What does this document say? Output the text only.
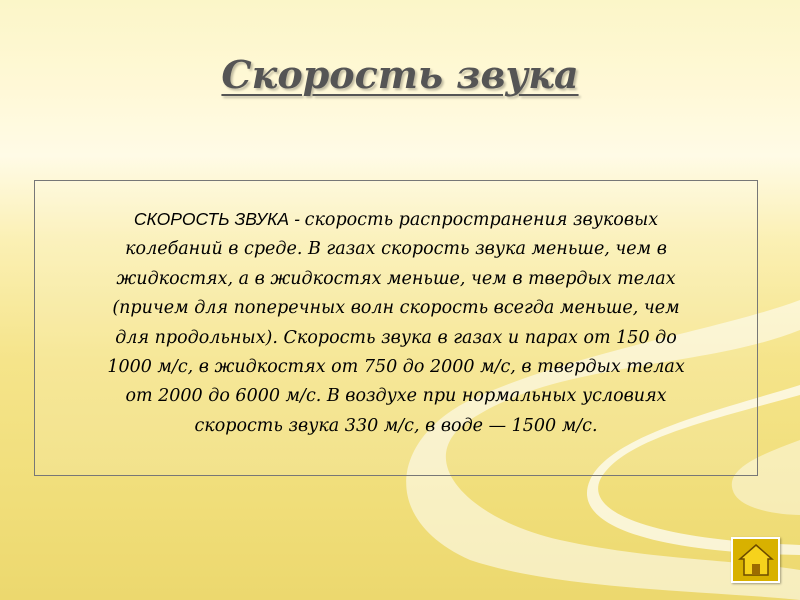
Скорость звука
СКОРОСТЬ ЗВУКА - скорость распространения звуковых
колебаний в среде. В газах скорость звука меньше, чем в
жидкостях, а в жидкостях меньше, чем в твердых телах
(причем для поперечных волн скорость всегда меньше, чем
для продольных). Скорость звука в газах и парах от 150 до
1000 м/с, в жидкостях от 750 до 2000 м/с, в твердых телах
от 2000 до 6000 м/с. В воздухе при нормальных условиях
скорость звука 330 м/с, в воде — 1500 м/с.
